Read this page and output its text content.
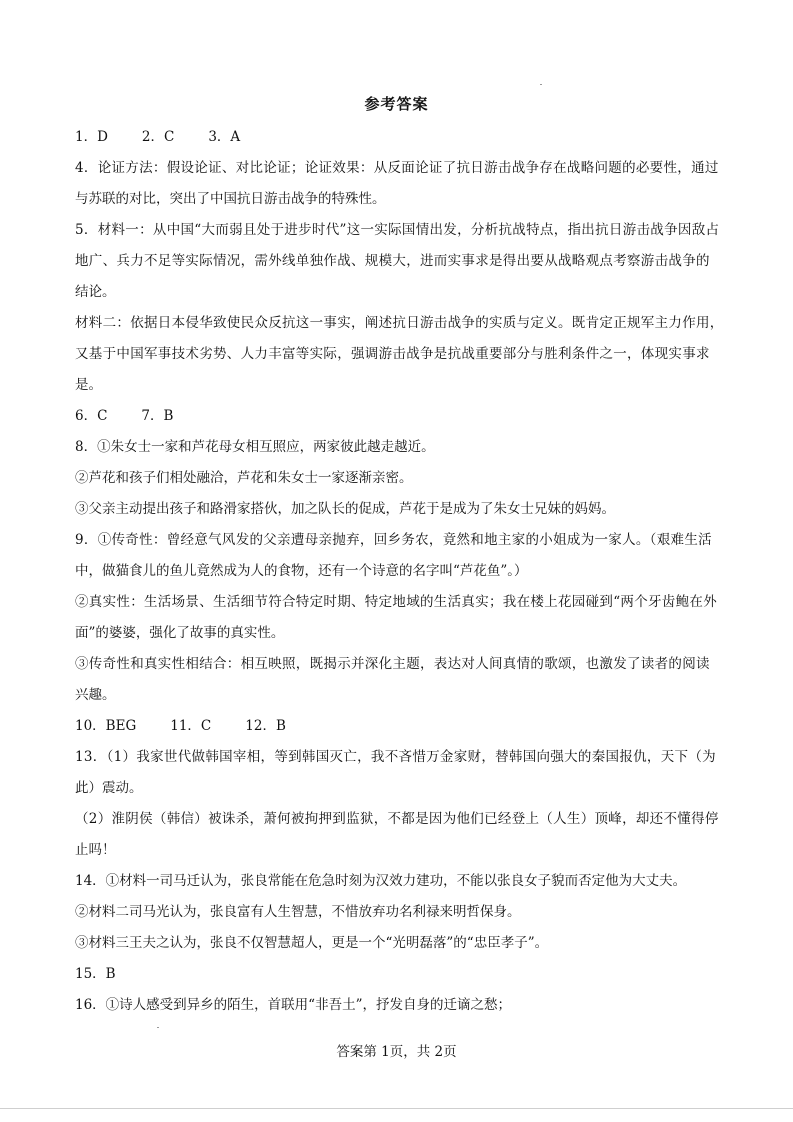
参考答案
1．D	2．C	3．A
4．论证方法：假设论证、对比论证；论证效果：从反面论证了抗日游击战争存在战略问题的必要性，通过
与苏联的对比，突出了中国抗日游击战争的特殊性。
5．材料一：从中国“大而弱且处于进步时代”这一实际国情出发，分析抗战特点，指出抗日游击战争因敌占
地广、兵力不足等实际情况，需外线单独作战、规模大，进而实事求是得出要从战略观点考察游击战争的
结论。
材料二：依据日本侵华致使民众反抗这一事实，阐述抗日游击战争的实质与定义。既肯定正规军主力作用，
又基于中国军事技术劣势、人力丰富等实际，强调游击战争是抗战重要部分与胜利条件之一，体现实事求
是。
6．C	7．B
8．①朱女士一家和芦花母女相互照应，两家彼此越走越近。
②芦花和孩子们相处融洽，芦花和朱女士一家逐渐亲密。
③父亲主动提出孩子和路滑家搭伙，加之队长的促成，芦花于是成为了朱女士兄妹的妈妈。
9．①传奇性：曾经意气风发的父亲遭母亲抛弃，回乡务农，竟然和地主家的小姐成为一家人。（艰难生活
中，做猫食儿的鱼儿竟然成为人的食物，还有一个诗意的名字叫“芦花鱼”。）
②真实性：生活场景、生活细节符合特定时期、特定地域的生活真实；我在楼上花园碰到“两个牙齿鲍在外
面”的婆婆，强化了故事的真实性。
③传奇性和真实性相结合：相互映照，既揭示并深化主题，表达对人间真情的歌颂，也激发了读者的阅读
兴趣。
10．BEG	11．C	12．B
13．（1）我家世代做韩国宰相，等到韩国灭亡，我不吝惜万金家财，替韩国向强大的秦国报仇，天下（为
此）震动。
（2）淮阴侯（韩信）被诛杀，萧何被拘押到监狱，不都是因为他们已经登上（人生）顶峰，却还不懂得停
止吗！
14．①材料一司马迁认为，张良常能在危急时刻为汉效力建功，不能以张良女子貌而否定他为大丈夫。
②材料二司马光认为，张良富有人生智慧，不惜放弃功名利禄来明哲保身。
③材料三王夫之认为，张良不仅智慧超人，更是一个“光明磊落”的“忠臣孝子”。
15．B
16．①诗人感受到异乡的陌生，首联用“非吾土”，抒发自身的迁谪之愁；
答案第 1页，共 2页
